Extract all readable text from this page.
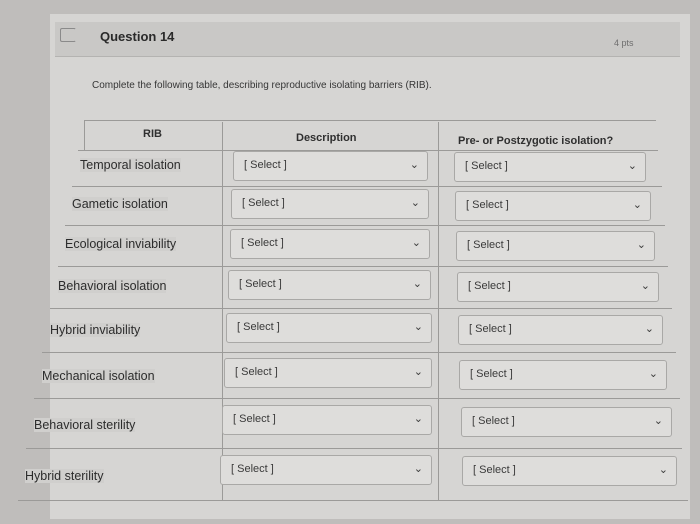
Question 14	4 pts
Complete the following table, describing reproductive isolating barriers (RIB).
RIB	Description	Pre- or Postzygotic isolation?
Temporal isolation	[ Select ]	⌄	[ Select ]	⌄
Gametic isolation	[ Select ]	⌄	[ Select ]	⌄
Ecological inviability	[ Select ]	⌄	[ Select ]	⌄
Behavioral isolation	[ Select ]	⌄	[ Select ]	⌄
Hybrid inviability	[ Select ]	⌄	[ Select ]	⌄
Mechanical isolation	[ Select ]	⌄	[ Select ]	⌄
Behavioral sterility	[ Select ]	⌄	[ Select ]	⌄
Hybrid sterility	[ Select ]	⌄	[ Select ]	⌄
